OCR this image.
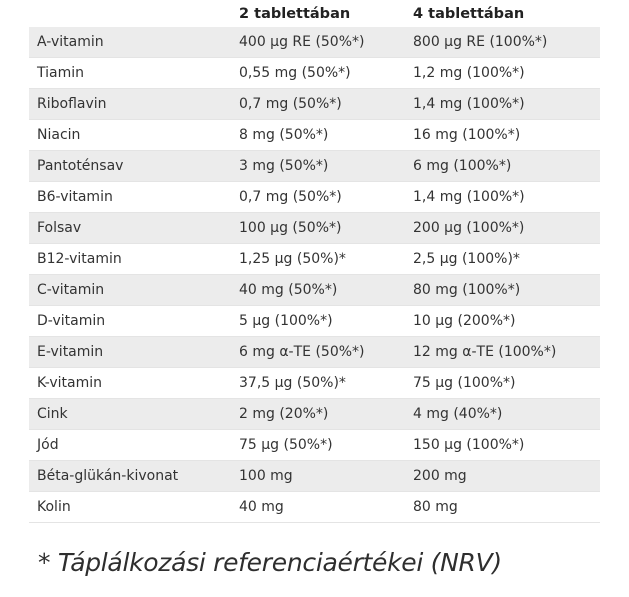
2 tablettában	4 tablettában
A-vitamin	400 µg RE (50%*)	800 µg RE (100%*)
Tiamin	0,55 mg (50%*)	1,2 mg (100%*)
Riboflavin	0,7 mg (50%*)	1,4 mg (100%*)
Niacin	8 mg (50%*)	16 mg (100%*)
Pantoténsav	3 mg (50%*)	6 mg (100%*)
B6-vitamin	0,7 mg (50%*)	1,4 mg (100%*)
Folsav	100 µg (50%*)	200 µg (100%*)
B12-vitamin	1,25 µg (50%)*	2,5 µg (100%)*
C-vitamin	40 mg (50%*)	80 mg (100%*)
D-vitamin	5 µg (100%*)	10 µg (200%*)
E-vitamin	6 mg α-TE (50%*)	12 mg α-TE (100%*)
K-vitamin	37,5 µg (50%)*	75 µg (100%*)
Cink	2 mg (20%*)	4 mg (40%*)
Jód	75 µg (50%*)	150 µg (100%*)
Béta-glükán-kivonat	100 mg	200 mg
Kolin	40 mg	80 mg
* Táplálkozási referenciaértékei (NRV)
